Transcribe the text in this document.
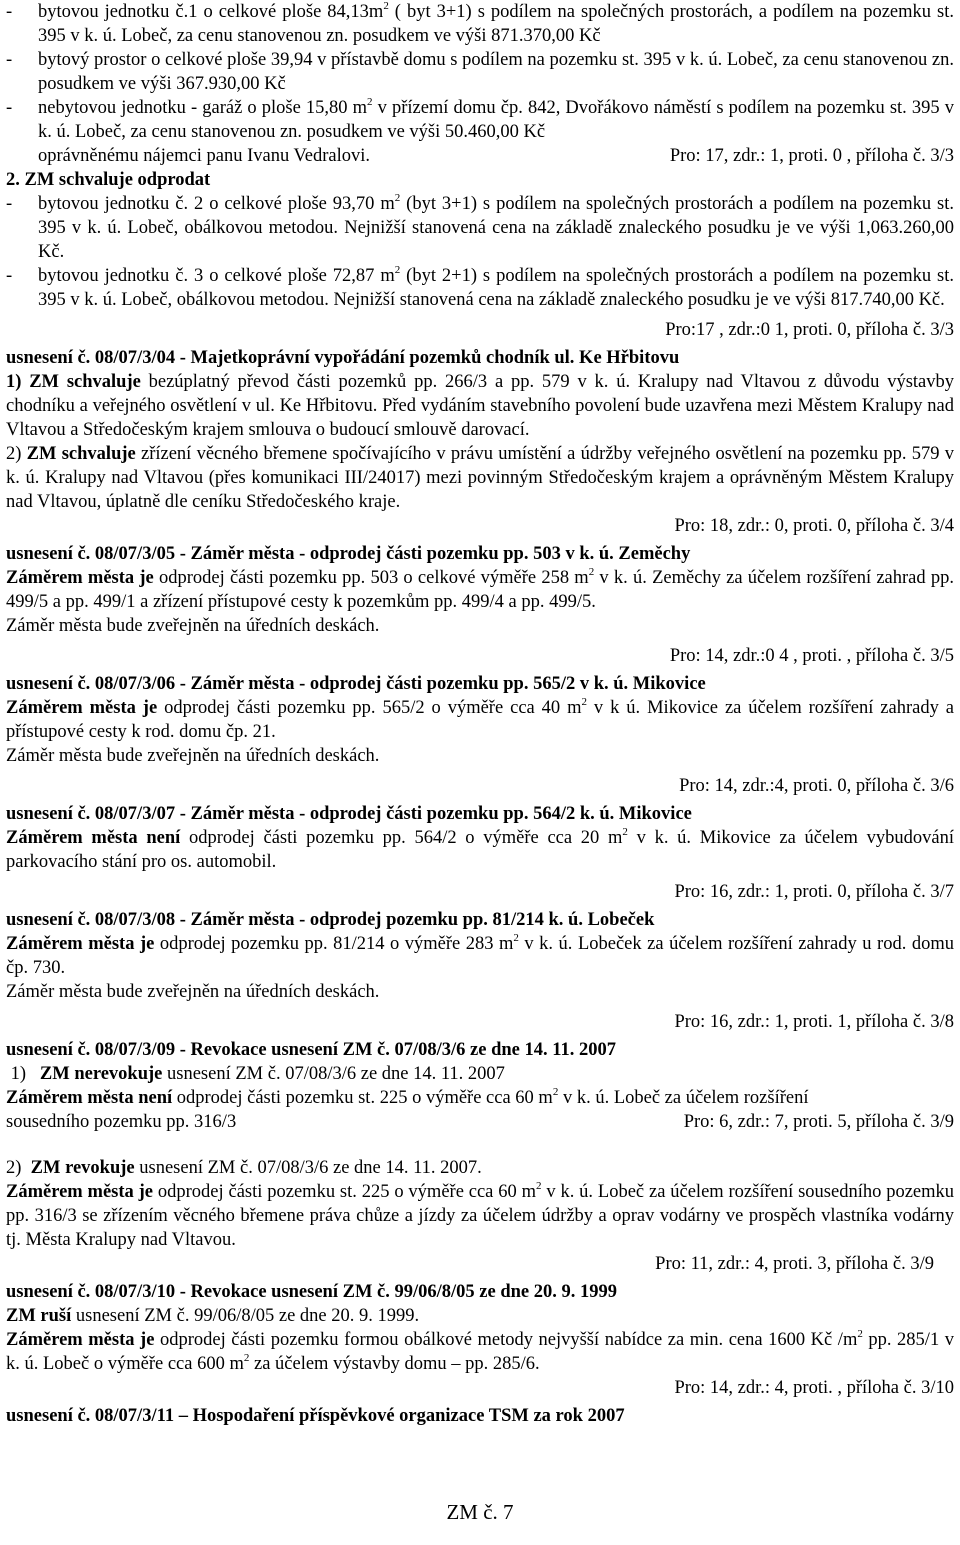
-	bytovou jednotku č.1 o celkové ploše $84,13m^2$ ( byt 3+1) s podílem na společných prostorách, a podílem na pozemku st. 395 v k. ú. Lobeč, za cenu stanovenou zn. posudkem ve výši 871.370,00 Kč

-	bytový prostor o celkové ploše 39,94 v přístavbě domu s podílem na pozemku st. 395 v k. ú. Lobeč, za cenu stanovenou zn. posudkem ve výši 367.930,00 Kč

-	nebytovou jednotku - garáž o ploše 15,80 $m^2$ v přízemí domu čp. 842, Dvořákovo náměstí s podílem na pozemku st. 395 v k. ú. Lobeč, za cenu stanovenou zn. posudkem ve výši 50.460,00 Kč

oprávněnému nájemci panu Ivanu Vedralovi.	Pro: 17, zdr.: 1, proti. 0 , příloha č. 3/3

2. ZM schvaluje odprodat

-	bytovou jednotku č. 2 o celkové ploše 93,70 $m^2$ (byt 3+1) s podílem na společných prostorách a podílem na pozemku st. 395 v k. ú. Lobeč, obálkovou metodou. Nejnižší stanovená cena na základě znaleckého posudku je ve výši 1,063.260,00 Kč.

-	bytovou jednotku č. 3 o celkové ploše 72,87 $m^2$ (byt 2+1) s podílem na společných prostorách a podílem na pozemku st. 395 v k. ú. Lobeč, obálkovou metodou. Nejnižší stanovená cena na základě znaleckého posudku je ve výši 817.740,00 Kč.

Pro:17 , zdr.:0 1, proti. 0, příloha č. 3/3

usnesení č. 08/07/3/04 - Majetkoprávní vypořádání pozemků chodník ul. Ke Hřbitovu

1) ZM schvaluje bezúplatný převod části pozemků pp. 266/3 a pp. 579 v k. ú. Kralupy nad Vltavou z důvodu výstavby chodníku a veřejného osvětlení v ul. Ke Hřbitovu. Před vydáním stavebního povolení bude uzavřena mezi Městem Kralupy nad Vltavou a Středočeským krajem smlouva o budoucí smlouvě darovací.

2) ZM schvaluje zřízení věcného břemene spočívajícího v právu umístění a údržby veřejného osvětlení na pozemku pp. 579 v k. ú. Kralupy nad Vltavou (přes komunikaci III/24017) mezi povinným Středočeským krajem a oprávněným Městem Kralupy nad Vltavou, úplatně dle ceníku Středočeského kraje.

Pro: 18, zdr.: 0, proti. 0, příloha č. 3/4

usnesení č. 08/07/3/05 - Záměr města - odprodej části pozemku pp. 503 v k. ú. Zeměchy

Záměrem města je odprodej části pozemku pp. 503 o celkové výměře 258 $m^2$ v k. ú. Zeměchy za účelem rozšíření zahrad pp. 499/5 a pp. 499/1 a zřízení přístupové cesty k pozemkům pp. 499/4 a pp. 499/5.

Záměr města bude zveřejněn na úředních deskách.

Pro: 14, zdr.:0 4 , proti. , příloha č. 3/5

usnesení č. 08/07/3/06 - Záměr města - odprodej části pozemku pp. 565/2 v k. ú. Mikovice

Záměrem města je odprodej části pozemku pp. 565/2 o výměře cca 40 $m^2$ v k ú. Mikovice za účelem rozšíření zahrady a přístupové cesty k rod. domu čp. 21.

Záměr města bude zveřejněn na úředních deskách.

Pro: 14, zdr.:4, proti. 0, příloha č. 3/6

usnesení č. 08/07/3/07 - Záměr města - odprodej části pozemku pp. 564/2 k. ú. Mikovice

Záměrem města není odprodej části pozemku pp. 564/2 o výměře cca 20 $m^2$ v k. ú. Mikovice za účelem vybudování parkovacího stání pro os. automobil.

Pro: 16, zdr.: 1, proti. 0, příloha č. 3/7

usnesení č. 08/07/3/08 - Záměr města - odprodej pozemku pp. 81/214 k. ú. Lobeček

Záměrem města je odprodej pozemku pp. 81/214 o výměře 283 $m^2$ v k. ú. Lobeček za účelem rozšíření zahrady u rod. domu čp. 730.

Záměr města bude zveřejněn na úředních deskách.

Pro: 16, zdr.: 1, proti. 1, příloha č. 3/8

usnesení č. 08/07/3/09 - Revokace usnesení ZM č. 07/08/3/6 ze dne 14. 11. 2007

1)   ZM nerevokuje usnesení ZM č. 07/08/3/6 ze dne 14. 11. 2007

Záměrem města není odprodej části pozemku st. 225 o výměře cca 60 $m^2$ v k. ú. Lobeč za účelem rozšíření

sousedního pozemku pp. 316/3	Pro: 6, zdr.: 7, proti. 5, příloha č. 3/9

2)  ZM revokuje usnesení ZM č. 07/08/3/6 ze dne 14. 11. 2007.

Záměrem města je odprodej části pozemku st. 225 o výměře cca 60 $m^2$ v k. ú. Lobeč za účelem rozšíření sousedního pozemku pp. 316/3 se zřízením věcného břemene práva chůze a jízdy za účelem údržby a oprav vodárny ve prospěch vlastníka vodárny tj. Města Kralupy nad Vltavou.

Pro: 11, zdr.: 4, proti. 3, příloha č. 3/9

usnesení č. 08/07/3/10 - Revokace usnesení ZM č. 99/06/8/05 ze dne 20. 9. 1999

ZM ruší usnesení ZM č. 99/06/8/05 ze dne 20. 9. 1999.

Záměrem města je odprodej části pozemku formou obálkové metody nejvyšší nabídce za min. cena 1600 Kč $/m^2$ pp. 285/1 v k. ú. Lobeč o výměře cca 600 $m^2$ za účelem výstavby domu – pp. 285/6.

Pro: 14, zdr.: 4, proti. , příloha č. 3/10

usnesení č. 08/07/3/11 – Hospodaření příspěvkové organizace TSM za rok 2007

ZM č. 7
